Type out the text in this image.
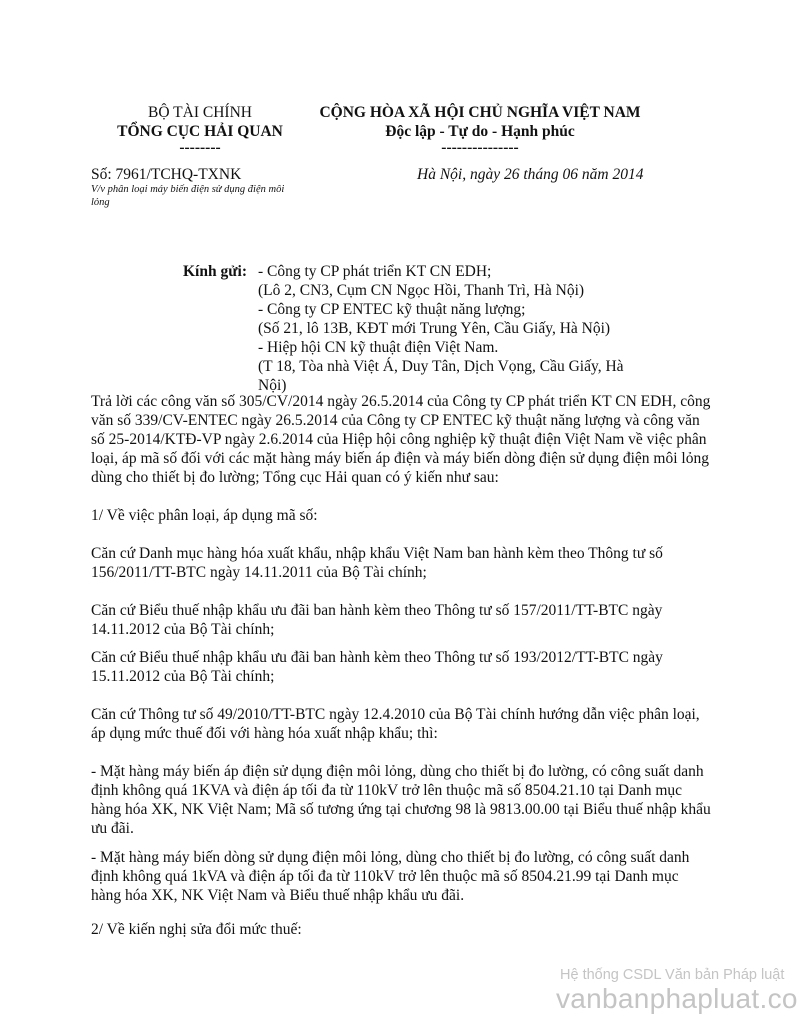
BỘ TÀI CHÍNH
TỔNG CỤC HẢI QUAN
--------
CỘNG HÒA XÃ HỘI CHỦ NGHĨA VIỆT NAM
Độc lập - Tự do - Hạnh phúc
---------------
Số: 7961/TCHQ-TXNK
V/v phân loại máy biến điện sử dụng điện môi lỏng
Hà Nội, ngày 26 tháng 06 năm 2014
Kính gửi: - Công ty CP phát triển KT CN EDH;
(Lô 2, CN3, Cụm CN Ngọc Hồi, Thanh Trì, Hà Nội)
- Công ty CP ENTEC kỹ thuật năng lượng;
(Số 21, lô 13B, KĐT mới Trung Yên, Cầu Giấy, Hà Nội)
- Hiệp hội CN kỹ thuật điện Việt Nam.
(T 18, Tòa nhà Việt Á, Duy Tân, Dịch Vọng, Cầu Giấy, Hà Nội)
Trả lời các công văn số 305/CV/2014 ngày 26.5.2014 của Công ty CP phát triển KT CN EDH, công văn số 339/CV-ENTEC ngày 26.5.2014 của Công ty CP ENTEC kỹ thuật năng lượng và công văn số 25-2014/KTĐ-VP ngày 2.6.2014 của Hiệp hội công nghiệp kỹ thuật điện Việt Nam về việc phân loại, áp mã số đối với các mặt hàng máy biến áp điện và máy biến dòng điện sử dụng điện môi lỏng dùng cho thiết bị đo lường; Tổng cục Hải quan có ý kiến như sau:
1/ Về việc phân loại, áp dụng mã số:
Căn cứ Danh mục hàng hóa xuất khẩu, nhập khẩu Việt Nam ban hành kèm theo Thông tư số 156/2011/TT-BTC ngày 14.11.2011 của Bộ Tài chính;
Căn cứ Biểu thuế nhập khẩu ưu đãi ban hành kèm theo Thông tư số 157/2011/TT-BTC ngày 14.11.2012 của Bộ Tài chính;
Căn cứ Biểu thuế nhập khẩu ưu đãi ban hành kèm theo Thông tư số 193/2012/TT-BTC ngày 15.11.2012 của Bộ Tài chính;
Căn cứ Thông tư số 49/2010/TT-BTC ngày 12.4.2010 của Bộ Tài chính hướng dẫn việc phân loại, áp dụng mức thuế đối với hàng hóa xuất nhập khẩu; thì:
- Mặt hàng máy biến áp điện sử dụng điện môi lỏng, dùng cho thiết bị đo lường, có công suất danh định không quá 1KVA và điện áp tối đa từ 110kV trở lên thuộc mã số 8504.21.10 tại Danh mục hàng hóa XK, NK Việt Nam; Mã số tương ứng tại chương 98 là 9813.00.00 tại Biểu thuế nhập khẩu ưu đãi.
- Mặt hàng máy biến dòng sử dụng điện môi lỏng, dùng cho thiết bị đo lường, có công suất danh định không quá 1kVA và điện áp tối đa từ 110kV trở lên thuộc mã số 8504.21.99 tại Danh mục hàng hóa XK, NK Việt Nam và Biểu thuế nhập khẩu ưu đãi.
2/ Về kiến nghị sửa đổi mức thuế:
Hệ thống CSDL Văn bản Pháp luật
vanbanphapluat.co
